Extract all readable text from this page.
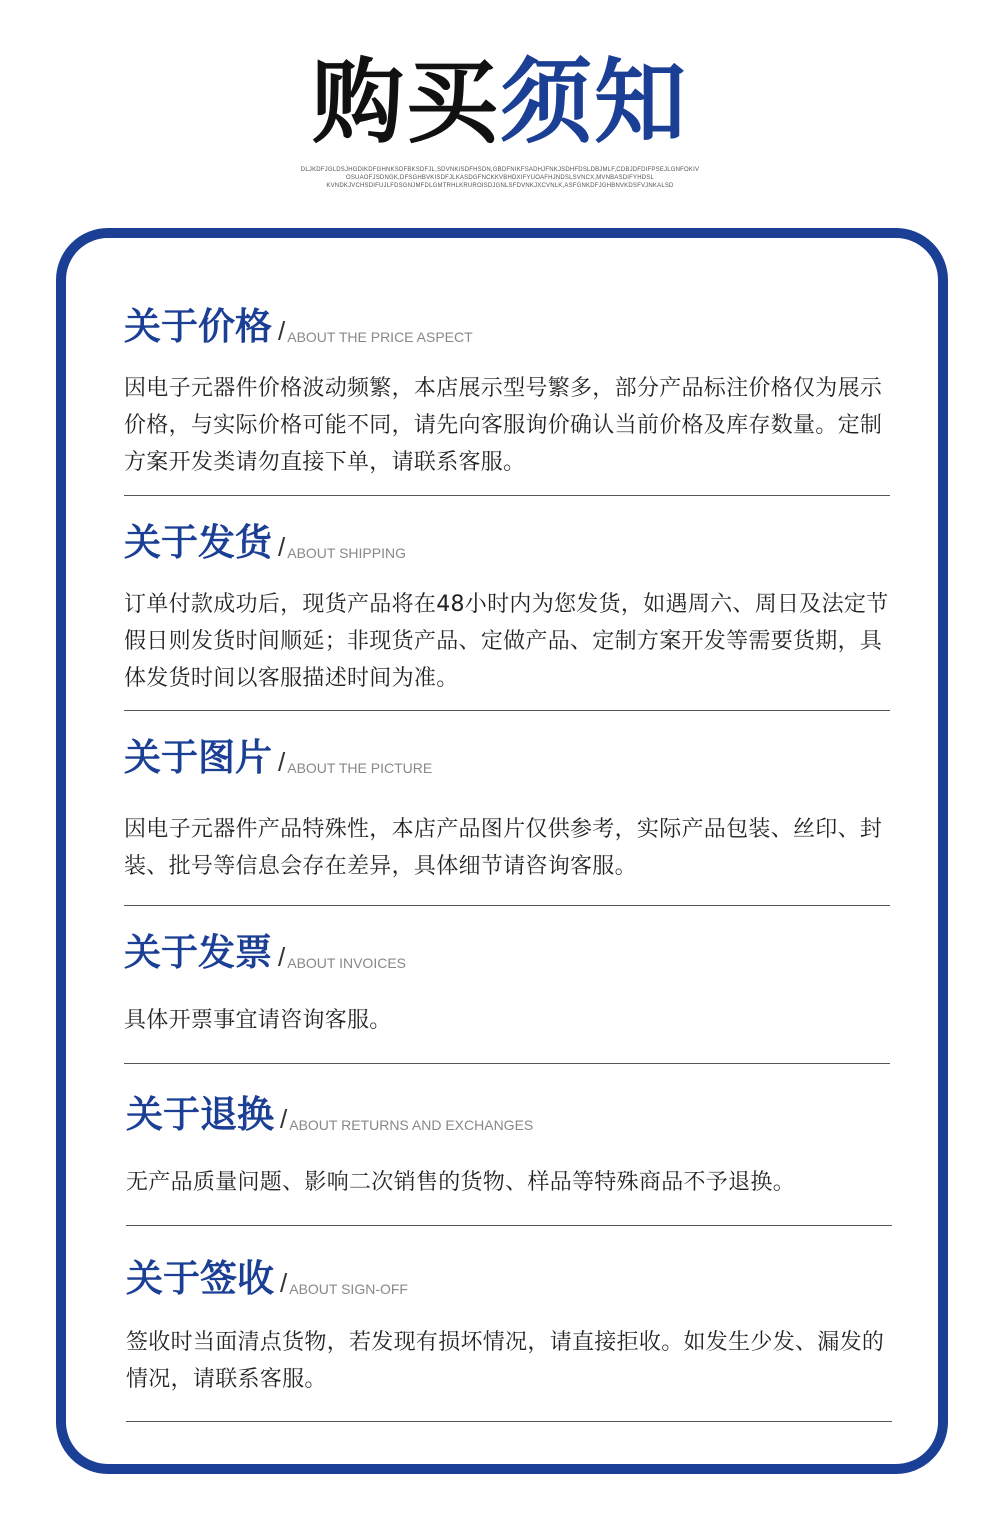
购买须知
DLJKDFJGLDSJHGDIKDFGHNKSDFBKSDFJL,SDVNKISDFHSDN,GBDFNIKFSADHJFNKJSDHFDSLDBJMLF,CDBJDFDIFPSEJLGNFOKIV
OSUAOFJSDNGK,DFSGHBVKISDFJLKASDGFNCKKVBHDXIFYUOAFHJNDSLSVNCX,MVNBASDIFYHDSL
KVNDKJVCHSDIFUJLFDSGNJMFDLGMTRHLKRUROISDJGNLSFDVNKJXCVNLK,ASFGNKDFJGHBNVKDSFVJNKALSD
关于价格 / ABOUT THE PRICE ASPECT
因电子元器件价格波动频繁，本店展示型号繁多，部分产品标注价格仅为展示价格，与实际价格可能不同，请先向客服询价确认当前价格及库存数量。定制方案开发类请勿直接下单，请联系客服。
关于发货 / ABOUT SHIPPING
订单付款成功后，现货产品将在48小时内为您发货，如遇周六、周日及法定节假日则发货时间顺延；非现货产品、定做产品、定制方案开发等需要货期，具体发货时间以客服描述时间为准。
关于图片 / ABOUT THE PICTURE
因电子元器件产品特殊性，本店产品图片仅供参考，实际产品包装、丝印、封装、批号等信息会存在差异，具体细节请咨询客服。
关于发票 / ABOUT INVOICES
具体开票事宜请咨询客服。
关于退换 / ABOUT RETURNS AND EXCHANGES
无产品质量问题、影响二次销售的货物、样品等特殊商品不予退换。
关于签收 / ABOUT SIGN-OFF
签收时当面清点货物，若发现有损坏情况，请直接拒收。如发生少发、漏发的情况，请联系客服。
